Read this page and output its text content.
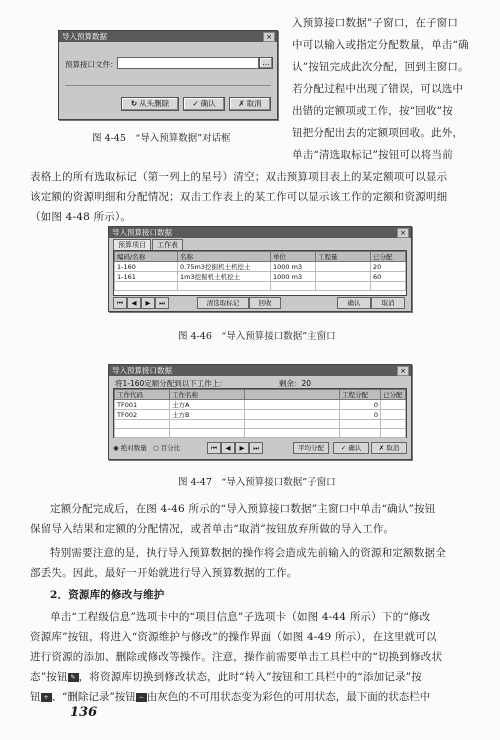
导入预算数据	×
预算接口文件：	...
↻ 从头删除	✓ 确认	✗ 取消
图 4-45　“导入预算数据”对话框
入预算接口数据”子窗口，在子窗口
中可以输入或指定分配数量，单击“确
认”按钮完成此次分配，回到主窗口。
若分配过程中出现了错误，可以选中
出错的定额项或工作，按“回收”按
钮把分配出去的定额项回收。此外，
单击“清选取标记”按钮可以将当前
表格上的所有选取标记（第一列上的星号）清空；双击预算项目表上的某定额项可以显示
该定额的资源明细和分配情况；双击工作表上的某工作可以显示该工作的定额和资源明细
（如图 4-48 所示）。
导入预算接口数据	×
预算项目 工作表
编码/名称	名称	单位	工程量	已分配
1-160	0.75m3挖掘机土机挖土	1000 m3		20
1-161	1m3挖掘机土机挖土	1000 m3		60

⏮	◀	▶	⏭	清选取标记	回收	确认	取消
图 4-46　“导入预算接口数据”主窗口
导入预算接口数据	×
将1-160定额分配到以下工作上：	剩余：20
工作代码	工作名称		工程分配	已分配
TF001	土方A		0	
TF002	土方B		0	

◉ 绝对数量 ○ 百分比	⏮	◀	▶	⏭	平均分配	✓ 确认	✗ 取消
图 4-47　“导入预算接口数据”子窗口
定额分配完成后，在图 4-46 所示的“导入预算接口数据”主窗口中单击“确认”按钮
保留导入结果和定额的分配情况，或者单击“取消”按钮放弃所做的导入工作。
特别需要注意的是，执行导入预算数据的操作将会造成先前输入的资源和定额数据全
部丢失。因此，最好一开始就进行导入预算数据的工作。
2．资源库的修改与维护
单击“工程级信息”选项卡中的“项目信息”子选项卡（如图 4-44 所示）下的“修改
资源库”按钮，将进入“资源维护与修改”的操作界面（如图 4-49 所示），在这里就可以
进行资源的添加、删除或修改等操作。注意，操作前需要单击工具栏中的“切换到修改状
态”按钮 ✎ ，将资源库切换到修改状态，此时“转入”按钮和工具栏中的“添加记录”按
钮 + 、“删除记录”按钮 − 由灰色的不可用状态变为彩色的可用状态，最下面的状态栏中
136
